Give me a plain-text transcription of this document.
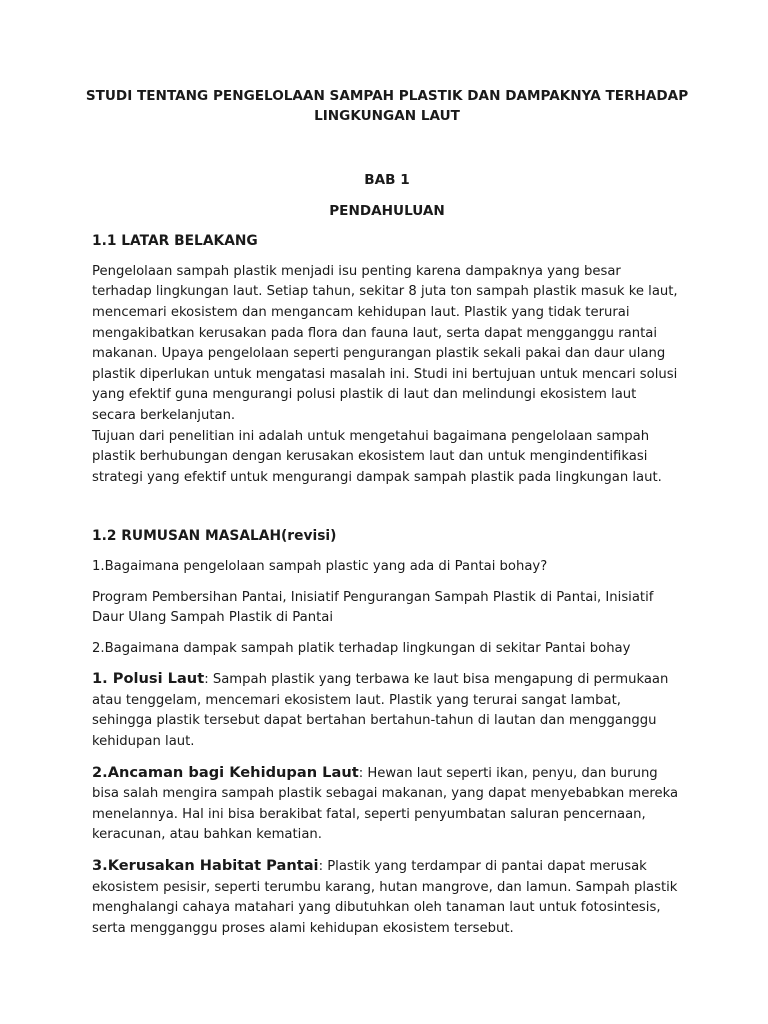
STUDI TENTANG PENGELOLAAN SAMPAH PLASTIK DAN DAMPAKNYA TERHADAP LINGKUNGAN LAUT
BAB 1
PENDAHULUAN
1.1 LATAR BELAKANG
Pengelolaan sampah plastik menjadi isu penting karena dampaknya yang besar terhadap lingkungan laut. Setiap tahun, sekitar 8 juta ton sampah plastik masuk ke laut, mencemari ekosistem dan mengancam kehidupan laut. Plastik yang tidak terurai mengakibatkan kerusakan pada flora dan fauna laut, serta dapat mengganggu rantai makanan. Upaya pengelolaan seperti pengurangan plastik sekali pakai dan daur ulang plastik diperlukan untuk mengatasi masalah ini. Studi ini bertujuan untuk mencari solusi yang efektif guna mengurangi polusi plastik di laut dan melindungi ekosistem laut secara berkelanjutan.
Tujuan dari penelitian ini adalah untuk mengetahui bagaimana pengelolaan sampah plastik berhubungan dengan kerusakan ekosistem laut dan untuk mengindentifikasi strategi yang efektif untuk mengurangi dampak sampah plastik pada lingkungan laut.
1.2 RUMUSAN MASALAH(revisi)
1.Bagaimana pengelolaan sampah plastic yang ada di Pantai bohay?
Program Pembersihan Pantai, Inisiatif Pengurangan Sampah Plastik di Pantai, Inisiatif Daur Ulang Sampah Plastik di Pantai
2.Bagaimana dampak sampah platik terhadap lingkungan di sekitar Pantai bohay
1. Polusi Laut: Sampah plastik yang terbawa ke laut bisa mengapung di permukaan atau tenggelam, mencemari ekosistem laut. Plastik yang terurai sangat lambat, sehingga plastik tersebut dapat bertahan bertahun-tahun di lautan dan mengganggu kehidupan laut.
2.Ancaman bagi Kehidupan Laut: Hewan laut seperti ikan, penyu, dan burung bisa salah mengira sampah plastik sebagai makanan, yang dapat menyebabkan mereka menelannya. Hal ini bisa berakibat fatal, seperti penyumbatan saluran pencernaan, keracunan, atau bahkan kematian.
3.Kerusakan Habitat Pantai: Plastik yang terdampar di pantai dapat merusak ekosistem pesisir, seperti terumbu karang, hutan mangrove, dan lamun. Sampah plastik menghalangi cahaya matahari yang dibutuhkan oleh tanaman laut untuk fotosintesis, serta mengganggu proses alami kehidupan ekosistem tersebut.
